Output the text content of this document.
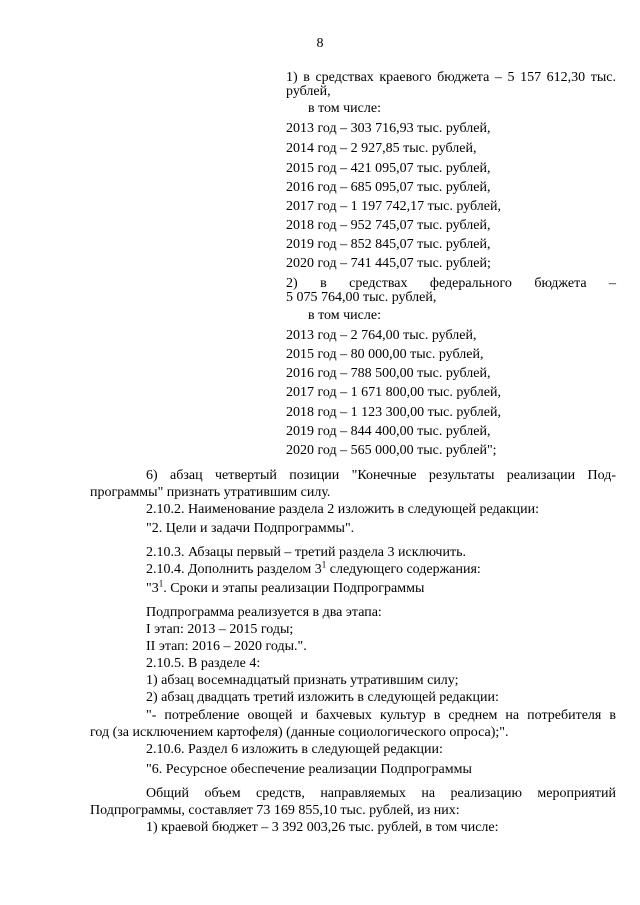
8
1) в средствах краевого бюджета – 5 157 612,30 тыс.
рублей,
в том числе:
2013 год – 303 716,93 тыс. рублей,
2014 год – 2 927,85 тыс. рублей,
2015 год – 421 095,07 тыс. рублей,
2016 год – 685 095,07 тыс. рублей,
2017 год – 1 197 742,17 тыс. рублей,
2018 год – 952 745,07 тыс. рублей,
2019 год – 852 845,07 тыс. рублей,
2020 год – 741 445,07 тыс. рублей;
2) в средствах федерального бюджета –
5 075 764,00 тыс. рублей,
в том числе:
2013 год – 2 764,00 тыс. рублей,
2015 год – 80 000,00 тыс. рублей,
2016 год – 788 500,00 тыс. рублей,
2017 год – 1 671 800,00 тыс. рублей,
2018 год – 1 123 300,00 тыс. рублей,
2019 год – 844 400,00 тыс. рублей,
2020 год – 565 000,00 тыс. рублей";
6) абзац четвертый позиции "Конечные результаты реализации Под-
программы" признать утратившим силу.
2.10.2. Наименование раздела 2 изложить в следующей редакции:
"2. Цели и задачи Подпрограммы".
2.10.3. Абзацы первый – третий раздела 3 исключить.
2.10.4. Дополнить разделом $3^1$ следующего содержания:
"$3^1$. Сроки и этапы реализации Подпрограммы
Подпрограмма реализуется в два этапа:
I этап: 2013 – 2015 годы;
II этап: 2016 – 2020 годы.".
2.10.5. В разделе 4:
1) абзац восемнадцатый признать утратившим силу;
2) абзац двадцать третий изложить в следующей редакции:
"- потребление овощей и бахчевых культур в среднем на потребителя в
год (за исключением картофеля) (данные социологического опроса);".
2.10.6. Раздел 6 изложить в следующей редакции:
"6. Ресурсное обеспечение реализации Подпрограммы
Общий объем средств, направляемых на реализацию мероприятий
Подпрограммы, составляет 73 169 855,10 тыс. рублей, из них:
1) краевой бюджет – 3 392 003,26 тыс. рублей, в том числе:
